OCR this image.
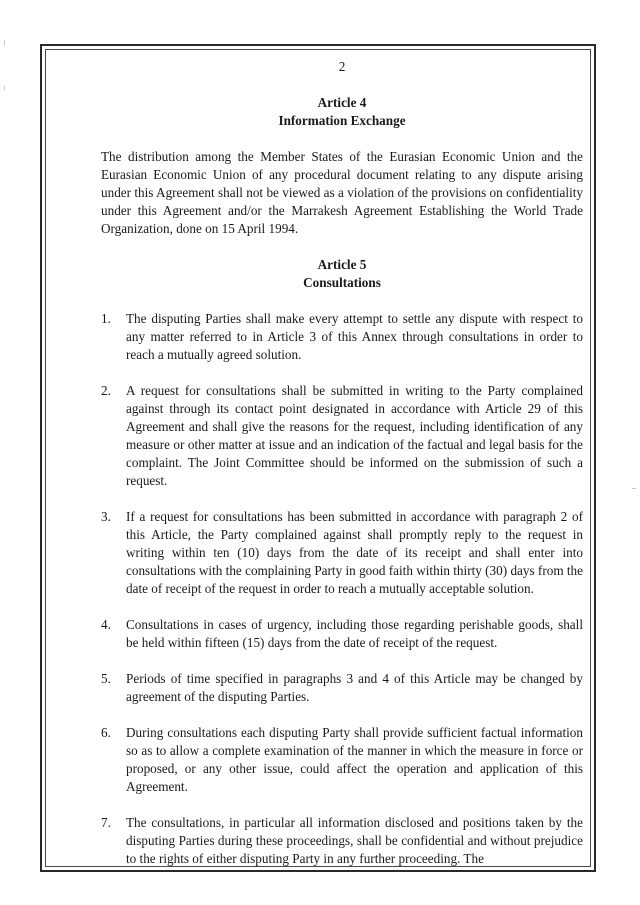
2
Article 4
Information Exchange

The distribution among the Member States of the Eurasian Economic Union and the Eurasian Economic Union of any procedural document relating to any dispute arising under this Agreement shall not be viewed as a violation of the provisions on confidentiality under this Agreement and/or the Marrakesh Agreement Establishing the World Trade Organization, done on 15 April 1994.

Article 5
Consultations
1.	The disputing Parties shall make every attempt to settle any dispute with respect to any matter referred to in Article 3 of this Annex through consultations in order to reach a mutually agreed solution.
2.	A request for consultations shall be submitted in writing to the Party complained against through its contact point designated in accordance with Article 29 of this Agreement and shall give the reasons for the request, including identification of any measure or other matter at issue and an indication of the factual and legal basis for the complaint. The Joint Committee should be informed on the submission of such a request.
3.	If a request for consultations has been submitted in accordance with paragraph 2 of this Article, the Party complained against shall promptly reply to the request in writing within ten (10) days from the date of its receipt and shall enter into consultations with the complaining Party in good faith within thirty (30) days from the date of receipt of the request in order to reach a mutually acceptable solution.
4.	Consultations in cases of urgency, including those regarding perishable goods, shall be held within fifteen (15) days from the date of receipt of the request.
5.	Periods of time specified in paragraphs 3 and 4 of this Article may be changed by agreement of the disputing Parties.
6.	During consultations each disputing Party shall provide sufficient factual information so as to allow a complete examination of the manner in which the measure in force or proposed, or any other issue, could affect the operation and application of this Agreement.
7.	The consultations, in particular all information disclosed and positions taken by the disputing Parties during these proceedings, shall be confidential and without prejudice to the rights of either disputing Party in any further proceeding. The
